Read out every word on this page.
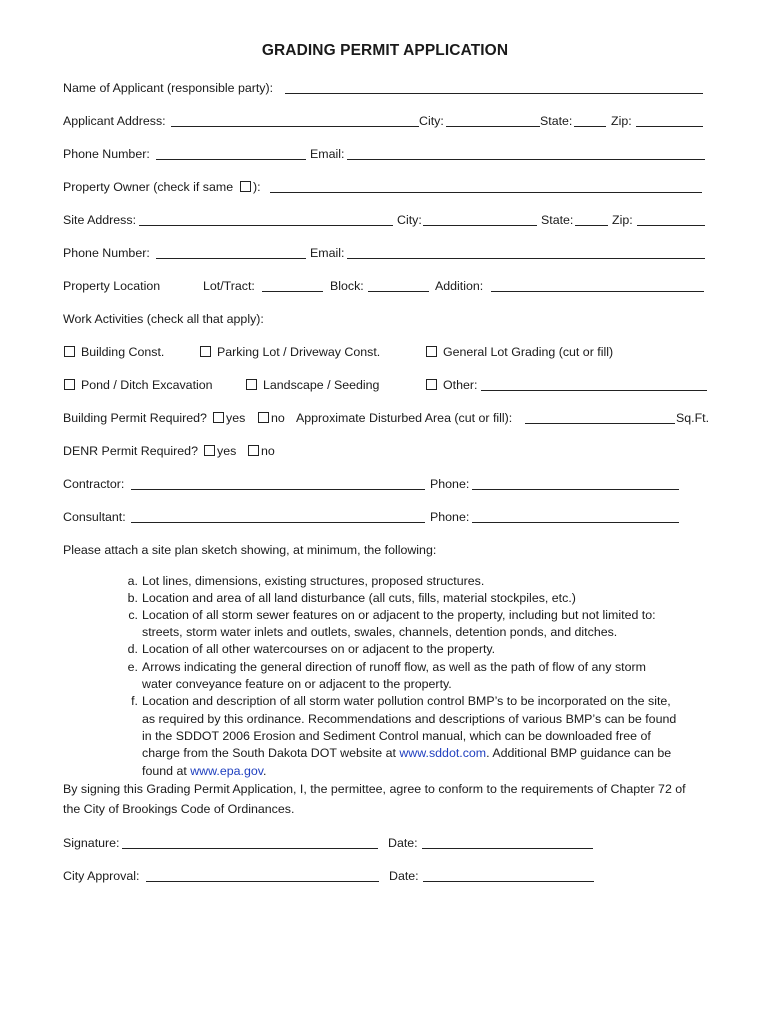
GRADING PERMIT APPLICATION
Name of Applicant (responsible party):
Applicant Address:	City:	State:	Zip:
Phone Number:	Email:
Property Owner (check if same ):
Site Address:	City:	State:	Zip:
Phone Number:	Email:
Property Location	Lot/Tract:	Block:	Addition:
Work Activities (check all that apply):
Building Const.	Parking Lot / Driveway Const.	General Lot Grading (cut or fill)
Pond / Ditch Excavation	Landscape / Seeding	Other:
Building Permit Required? yes no Approximate Disturbed Area (cut or fill):	Sq.Ft.
DENR Permit Required? yes no
Contractor:	Phone:
Consultant:	Phone:
Please attach a site plan sketch showing, at minimum, the following:
a. Lot lines, dimensions, existing structures, proposed structures.
b. Location and area of all land disturbance (all cuts, fills, material stockpiles, etc.)
c. Location of all storm sewer features on or adjacent to the property, including but not limited to:
streets, storm water inlets and outlets, swales, channels, detention ponds, and ditches.
d. Location of all other watercourses on or adjacent to the property.
e. Arrows indicating the general direction of runoff flow, as well as the path of flow of any storm
water conveyance feature on or adjacent to the property.
f. Location and description of all storm water pollution control BMP’s to be incorporated on the site,
as required by this ordinance. Recommendations and descriptions of various BMP’s can be found
in the SDDOT 2006 Erosion and Sediment Control manual, which can be downloaded free of
charge from the South Dakota DOT website at www.sddot.com. Additional BMP guidance can be
found at www.epa.gov.
By signing this Grading Permit Application, I, the permittee, agree to conform to the requirements of Chapter 72 of
the City of Brookings Code of Ordinances.
Signature:	Date:
City Approval:	Date:
